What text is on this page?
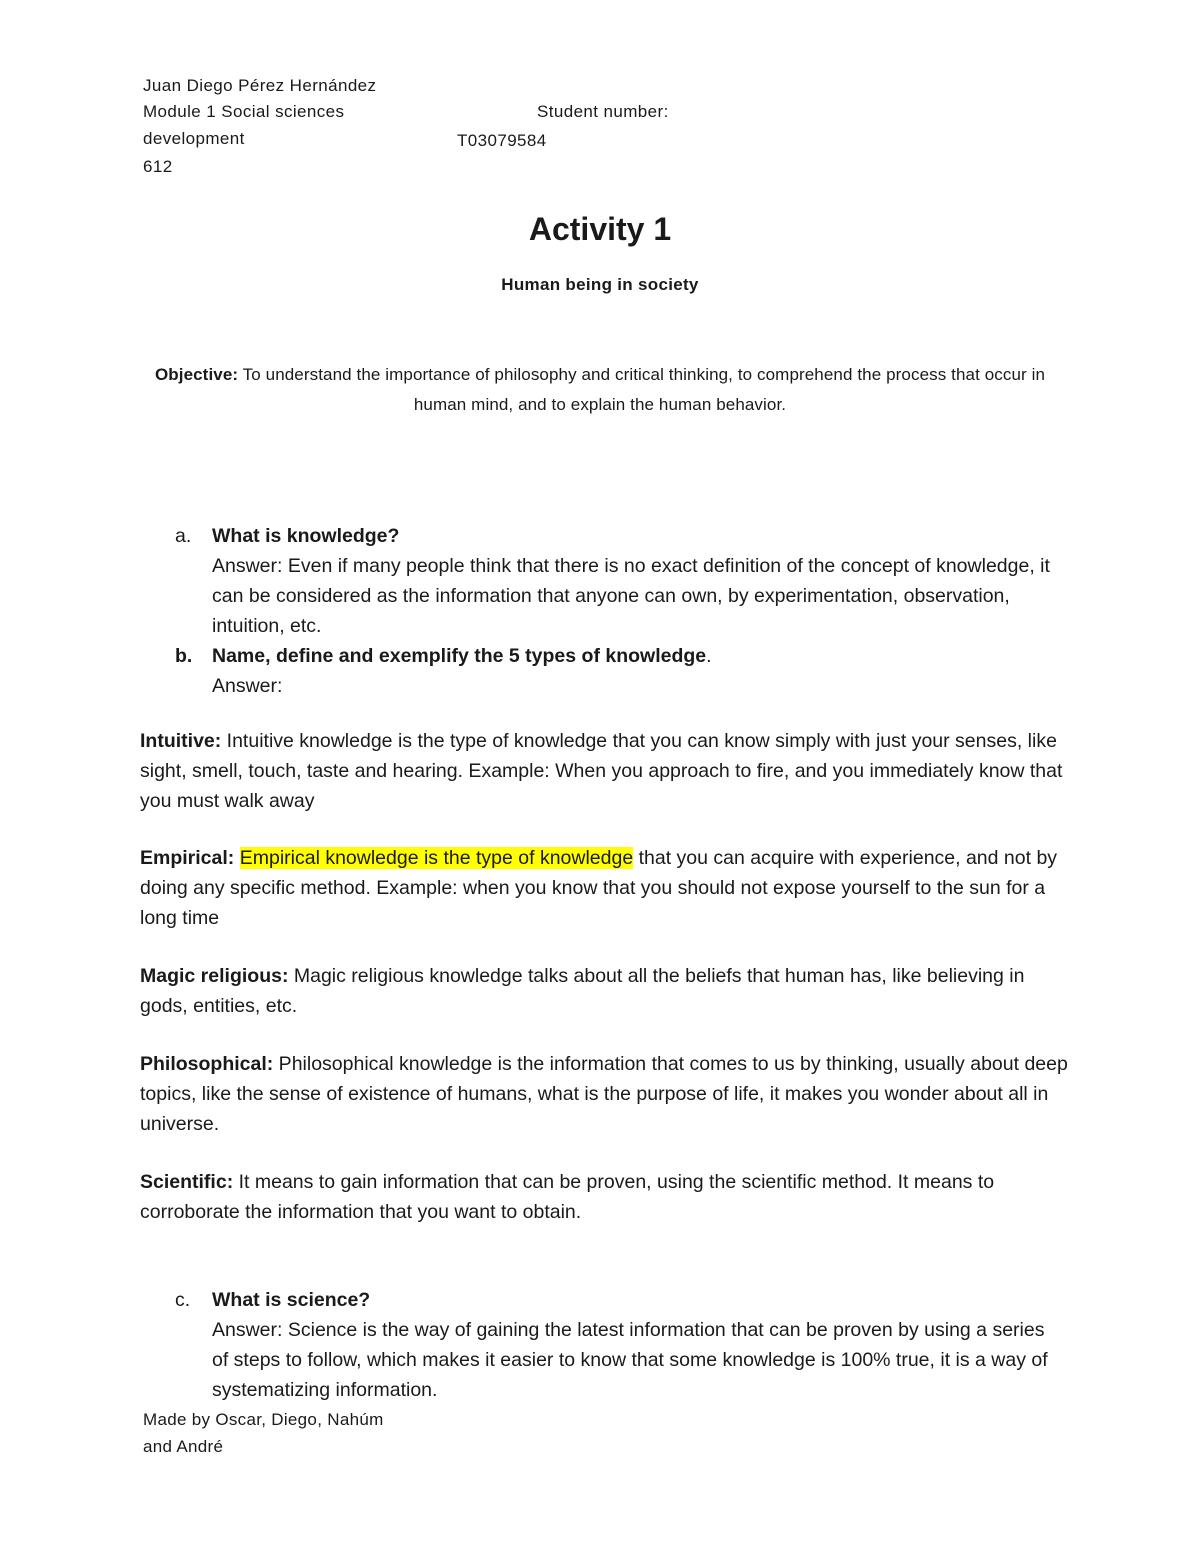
Juan Diego Pérez Hernández
Module 1 Social sciences
development
612
Student number:
T03079584
Activity 1
Human being in society
Objective: To understand the importance of philosophy and critical thinking, to comprehend the process that occur in human mind, and to explain the human behavior.
a. What is knowledge?
Answer: Even if many people think that there is no exact definition of the concept of knowledge, it can be considered as the information that anyone can own, by experimentation, observation, intuition, etc.
b. Name, define and exemplify the 5 types of knowledge.
Answer:
Intuitive: Intuitive knowledge is the type of knowledge that you can know simply with just your senses, like sight, smell, touch, taste and hearing. Example: When you approach to fire, and you immediately know that you must walk away
Empirical: Empirical knowledge is the type of knowledge that you can acquire with experience, and not by doing any specific method. Example: when you know that you should not expose yourself to the sun for a long time
Magic religious: Magic religious knowledge talks about all the beliefs that human has, like believing in gods, entities, etc.
Philosophical: Philosophical knowledge is the information that comes to us by thinking, usually about deep topics, like the sense of existence of humans, what is the purpose of life, it makes you wonder about all in universe.
Scientific: It means to gain information that can be proven, using the scientific method. It means to corroborate the information that you want to obtain.
c. What is science?
Answer: Science is the way of gaining the latest information that can be proven by using a series of steps to follow, which makes it easier to know that some knowledge is 100% true, it is a way of systematizing information.
Made by Oscar, Diego, Nahúm
and André
